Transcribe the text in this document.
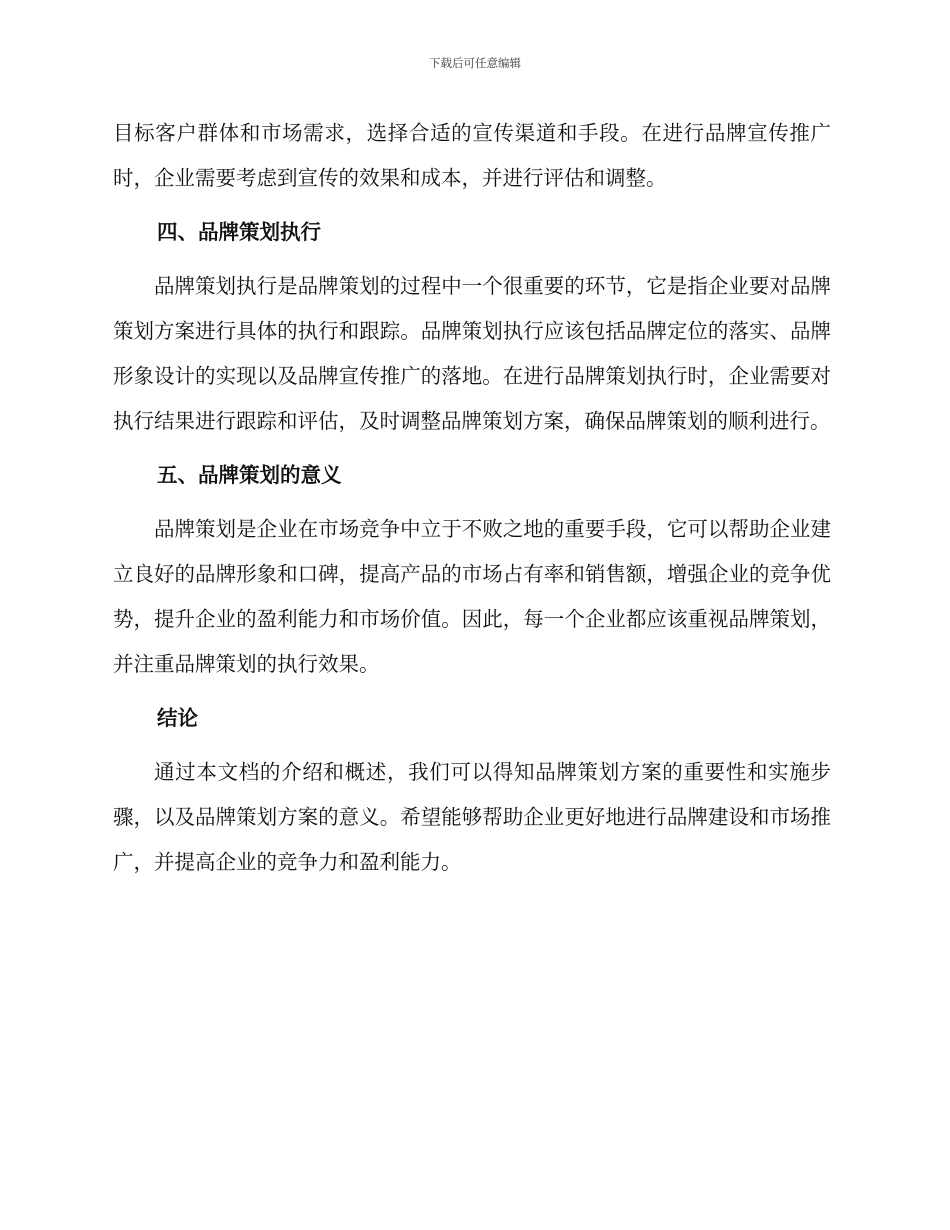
下载后可任意编辑

目标客户群体和市场需求，选择合适的宣传渠道和手段。在进行品牌宣传推广时，企业需要考虑到宣传的效果和成本，并进行评估和调整。

四、品牌策划执行

品牌策划执行是品牌策划的过程中一个很重要的环节，它是指企业要对品牌策划方案进行具体的执行和跟踪。品牌策划执行应该包括品牌定位的落实、品牌形象设计的实现以及品牌宣传推广的落地。在进行品牌策划执行时，企业需要对执行结果进行跟踪和评估，及时调整品牌策划方案，确保品牌策划的顺利进行。

五、品牌策划的意义

品牌策划是企业在市场竞争中立于不败之地的重要手段，它可以帮助企业建立良好的品牌形象和口碑，提高产品的市场占有率和销售额，增强企业的竞争优势，提升企业的盈利能力和市场价值。因此，每一个企业都应该重视品牌策划，并注重品牌策划的执行效果。

结论

通过本文档的介绍和概述，我们可以得知品牌策划方案的重要性和实施步骤，以及品牌策划方案的意义。希望能够帮助企业更好地进行品牌建设和市场推广，并提高企业的竞争力和盈利能力。
